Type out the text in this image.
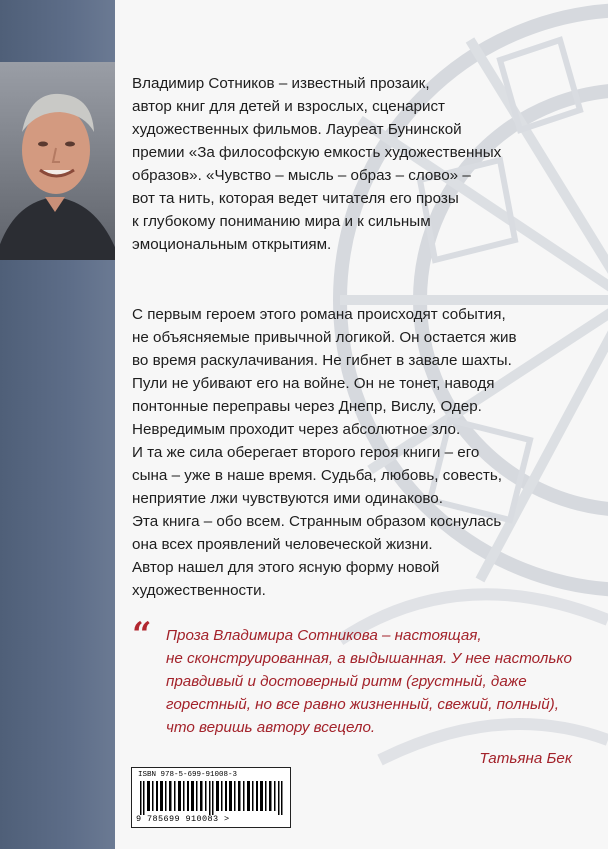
Владимир Сотников – известный прозаик,
автор книг для детей и взрослых, сценарист
художественных фильмов. Лауреат Бунинской
премии «За философскую емкость художественных
образов». «Чувство – мысль – образ – слово» –
вот та нить, которая ведет читателя его прозы
к глубокому пониманию мира и к сильным
эмоциональным открытиям.
С первым героем этого романа происходят события,
не объясняемые привычной логикой. Он остается жив
во время раскулачивания. Не гибнет в завале шахты.
Пули не убивают его на войне. Он не тонет, наводя
понтонные переправы через Днепр, Вислу, Одер.
Невредимым проходит через абсолютное зло.
И та же сила оберегает второго героя книги – его
сына – уже в наше время. Судьба, любовь, совесть,
неприятие лжи чувствуются ими одинаково.
Эта книга – обо всем. Странным образом коснулась
она всех проявлений человеческой жизни.
Автор нашел для этого ясную форму новой
художественности.
“ Проза Владимира Сотникова – настоящая,
не сконструированная, а выдышанная. У нее настолько
правдивый и достоверный ритм (грустный, даже
горестный, но все равно жизненный, свежий, полный),
что веришь автору всецело.
Татьяна Бек
ISBN 978-5-699-91008-3
9 785699 910083 >
